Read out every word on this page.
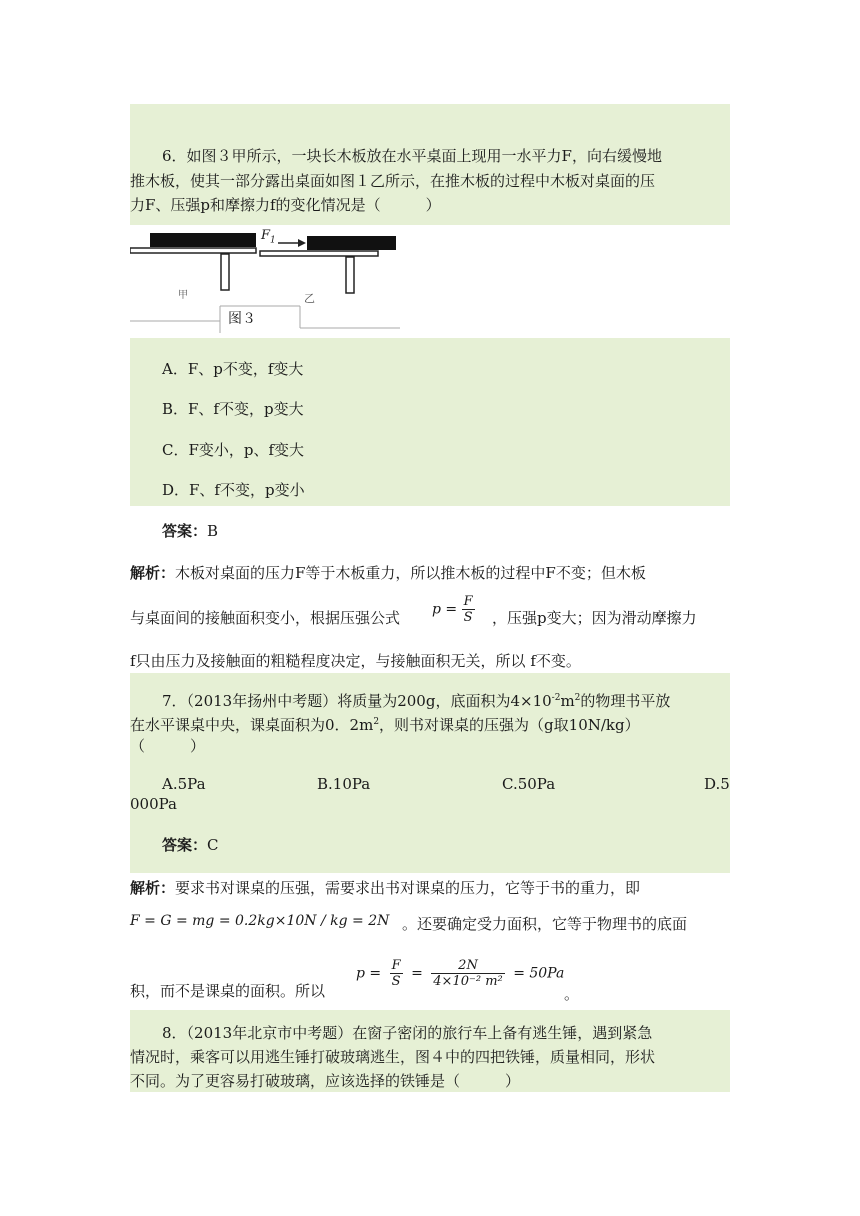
6．如图３甲所示，一块长木板放在水平桌面上现用一水平力F，向右缓慢地
推木板，使其一部分露出桌面如图１乙所示，在推木板的过程中木板对桌面的压
力F、压强p和摩擦力f的变化情况是（　　　）
甲	乙
$F_1$
图３
A．F、p不变，f变大
B．F、f不变，p变大
C．F变小，p、f变大
D．F、f不变，p变小
答案：B
解析：木板对桌面的压力F等于木板重力，所以推木板的过程中F不变；但木板
与桌面间的接触面积变小，根据压强公式 $p = \frac{F}{S}$ ，压强p变大；因为滑动摩擦力
f只由压力及接触面的粗糙程度决定，与接触面积无关，所以 f不变。
7．（2013年扬州中考题）将质量为200g，底面积为$4\times 10^{-2}m^2$的物理书平放
在水平课桌中央，课桌面积为0．$2m^2$，则书对课桌的压强为（g取10N/kg）
（　　　）
A.5Pa	B.10Pa	C.50Pa	D.5
000Pa
答案：C
解析：要求书对课桌的压强，需要求出书对课桌的压力，它等于书的重力，即
F = G = mg = 0.2kg×10N / kg = 2N 。还要确定受力面积，它等于物理书的底面
积，而不是课桌的面积。所以
$p = \frac{F}{S} = \frac{2N}{\text{4×10⁻² m²}} = 50Pa$
。
8．（2013年北京市中考题）在窗子密闭的旅行车上备有逃生锤，遇到紧急
情况时，乘客可以用逃生锤打破玻璃逃生，图４中的四把铁锤，质量相同，形状
不同。为了更容易打破玻璃，应该选择的铁锤是（　　　）
